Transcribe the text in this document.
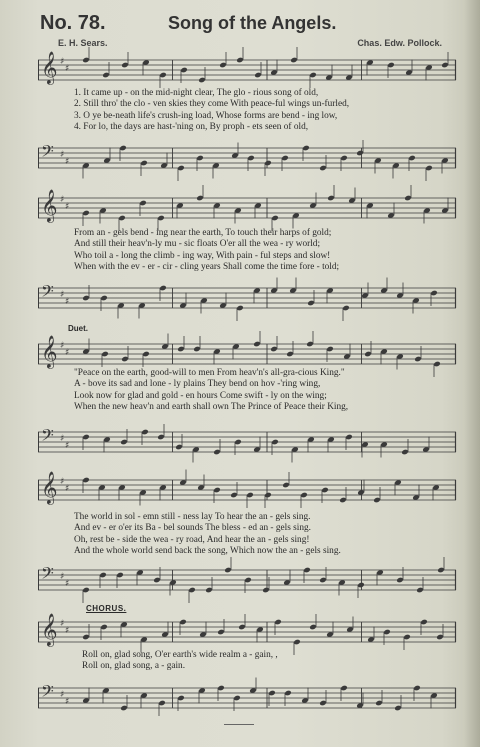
No. 78.	Song of the Angels.
E. H. Sears.	Chas. Edw. Pollock.
𝄞 ♯
♯
1. It came up - on the mid-night clear, The glo - rious song of old,
2. Still thro' the clo - ven skies they come With peace-ful wings un-furled,
3. O ye be-neath life's crush-ing load, Whose forms are bend - ing low,
4. For lo, the days are hast-'ning on, By proph - ets seen of old,
𝄢 ♯
♯
𝄞 ♯
♯
From an - gels bend - ing near the earth, To touch their harps of gold;
And still their heav'n-ly mu - sic floats O'er all the wea - ry world;
Who toil a - long the climb - ing way, With pain - ful steps and slow!
When with the ev - er - cir - cling years Shall come the time fore - told;
𝄢 ♯
♯
Duet.
𝄞 ♯
♯
"Peace on the earth, good-will to men From heav'n's all-gra-cious King."
A - bove its sad and lone - ly plains They bend on hov -'ring wing,
Look now for glad and gold - en hours Come swift - ly on the wing;
When the new heav'n and earth shall own The Prince of Peace their King,
𝄢 ♯
♯
𝄞 ♯
♯
The world in sol - emn still - ness lay To hear the an - gels sing.
And ev - er o'er its Ba - bel sounds The bless - ed an - gels sing.
Oh, rest be - side the wea - ry road, And hear the an - gels sing!
And the whole world send back the song, Which now the an - gels sing.
𝄢 ♯
♯
CHORUS.
𝄞 ♯
♯
Roll on, glad song, O'er earth's wide realm a - gain, ,
Roll on, glad song, a - gain.
𝄢 ♯
♯
